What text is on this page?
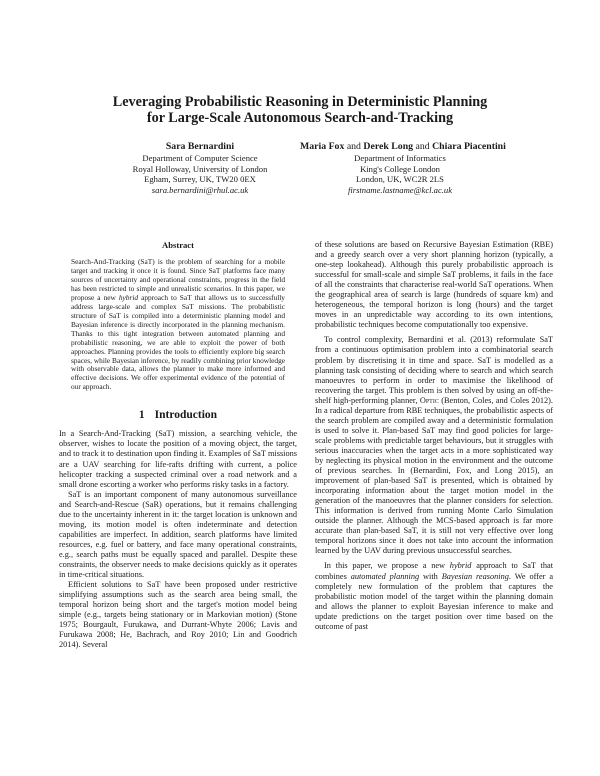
Leveraging Probabilistic Reasoning in Deterministic Planning
for Large-Scale Autonomous Search-and-Tracking
Sara Bernardini
Department of Computer Science
Royal Holloway, University of London
Egham, Surrey, UK, TW20 0EX
sara.bernardini@rhul.ac.uk
Maria Fox and Derek Long and Chiara Piacentini
Department of Informatics
King's College London
London, UK, WC2R 2LS
firstname.lastname@kcl.ac.uk
Abstract

Search-And-Tracking (SaT) is the problem of searching for a mobile target and tracking it once it is found. Since SaT platforms face many sources of uncertainty and operational constraints, progress in the field has been restricted to simple and unrealistic scenarios. In this paper, we propose a new hybrid approach to SaT that allows us to successfully address large-scale and complex SaT missions. The probabilistic structure of SaT is compiled into a deterministic planning model and Bayesian inference is directly incorporated in the planning mechanism. Thanks to this tight integration between automated planning and probabilistic reasoning, we are able to exploit the power of both approaches. Planning provides the tools to efficiently explore big search spaces, while Bayesian inference, by readily combining prior knowledge with observable data, allows the planner to make more informed and effective decisions. We offer experimental evidence of the potential of our approach.

1 Introduction

In a Search-And-Tracking (SaT) mission, a searching vehicle, the observer, wishes to locate the position of a moving object, the target, and to track it to destination upon finding it. Examples of SaT missions are a UAV searching for life-rafts drifting with current, a police helicopter tracking a suspected criminal over a road network and a small drone escorting a worker who performs risky tasks in a factory.

SaT is an important component of many autonomous surveillance and Search-and-Rescue (SaR) operations, but it remains challenging due to the uncertainty inherent in it: the target location is unknown and moving, its motion model is often indeterminate and detection capabilities are imperfect. In addition, search platforms have limited resources, e.g. fuel or battery, and face many operational constraints, e.g., search paths must be equally spaced and parallel. Despite these constraints, the observer needs to make decisions quickly as it operates in time-critical situations.

Efficient solutions to SaT have been proposed under restrictive simplifying assumptions such as the search area being small, the temporal horizon being short and the target's motion model being simple (e.g., targets being stationary or in Markovian motion) (Stone 1975; Bourgault, Furukawa, and Durrant-Whyte 2006; Lavis and Furukawa 2008; He, Bachrach, and Roy 2010; Lin and Goodrich 2014). Several

of these solutions are based on Recursive Bayesian Estimation (RBE) and a greedy search over a very short planning horizon (typically, a one-step lookahead). Although this purely probabilistic approach is successful for small-scale and simple SaT problems, it fails in the face of all the constraints that characterise real-world SaT operations. When the geographical area of search is large (hundreds of square km) and heterogeneous, the temporal horizon is long (hours) and the target moves in an unpredictable way according to its own intentions, probabilistic techniques become computationally too expensive.

To control complexity, Bernardini et al. (2013) reformulate SaT from a continuous optimisation problem into a combinatorial search problem by discretising it in time and space. SaT is modelled as a planning task consisting of deciding where to search and which search manoeuvres to perform in order to maximise the likelihood of recovering the target. This problem is then solved by using an off-the-shelf high-performing planner, Optic (Benton, Coles, and Coles 2012). In a radical departure from RBE techniques, the probabilistic aspects of the search problem are compiled away and a deterministic formulation is used to solve it. Plan-based SaT may find good policies for large-scale problems with predictable target behaviours, but it struggles with serious inaccuracies when the target acts in a more sophisticated way by neglecting its physical motion in the environment and the outcome of previous searches. In (Bernardini, Fox, and Long 2015), an improvement of plan-based SaT is presented, which is obtained by incorporating information about the target motion model in the generation of the manoeuvres that the planner considers for selection. This information is derived from running Monte Carlo Simulation outside the planner. Although the MCS-based approach is far more accurate than plan-based SaT, it is still not very effective over long temporal horizons since it does not take into account the information learned by the UAV during previous unsuccessful searches.

In this paper, we propose a new hybrid approach to SaT that combines automated planning with Bayesian reasoning. We offer a completely new formulation of the problem that captures the probabilistic motion model of the target within the planning domain and allows the planner to exploit Bayesian inference to make and update predictions on the target position over time based on the outcome of past
